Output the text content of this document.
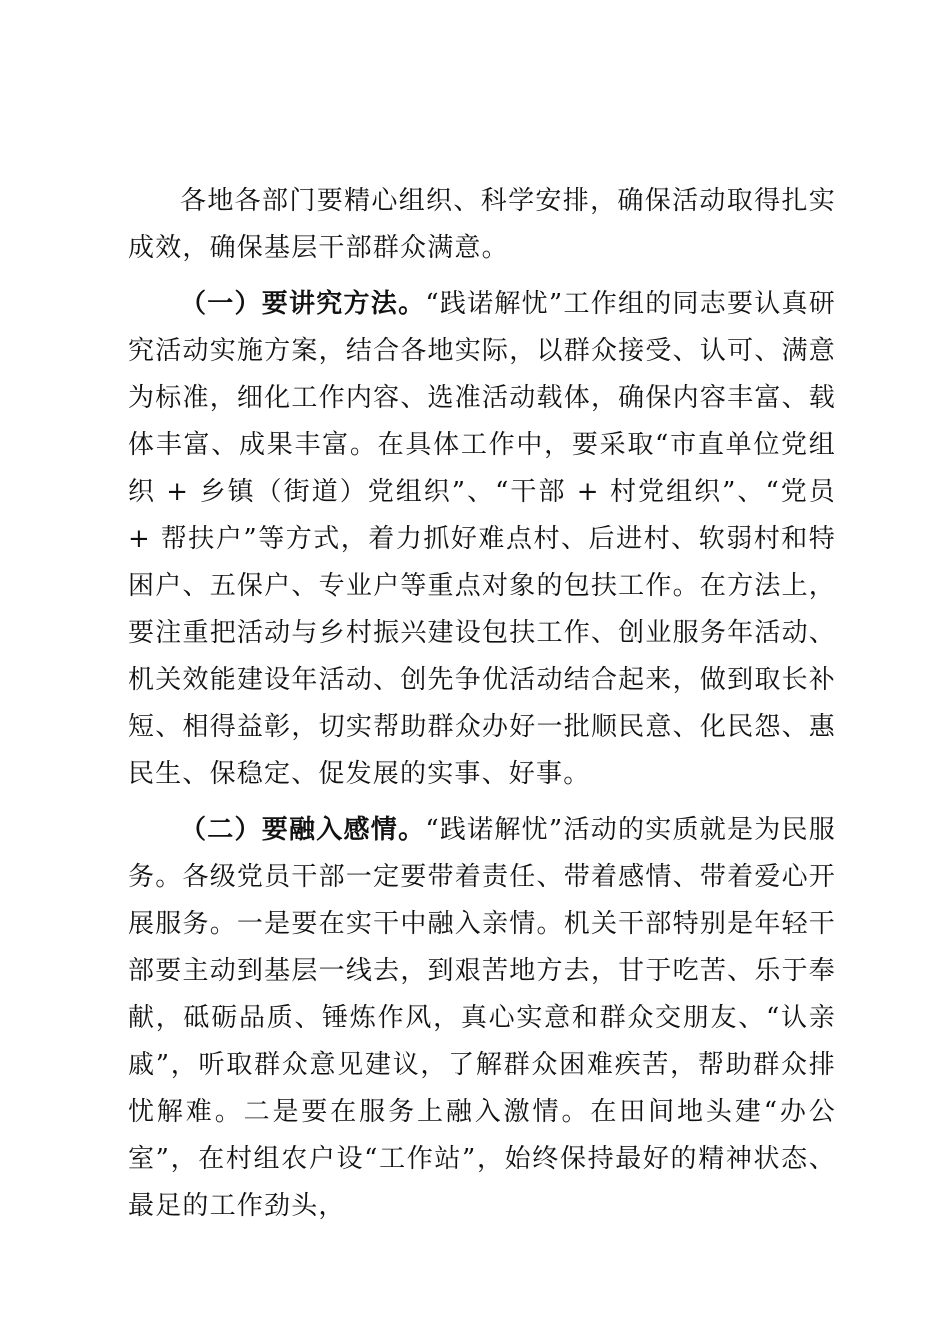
各地各部门要精心组织、科学安排，确保活动取得扎实成效，确保基层干部群众满意。

（一）要讲究方法。“践诺解忧”工作组的同志要认真研究活动实施方案，结合各地实际，以群众接受、认可、满意为标准，细化工作内容、选准活动载体，确保内容丰富、载体丰富、成果丰富。在具体工作中，要采取“市直单位党组织 + 乡镇（街道）党组织”、“干部 + 村党组织”、“党员 + 帮扶户”等方式，着力抓好难点村、后进村、软弱村和特困户、五保户、专业户等重点对象的包扶工作。在方法上，要注重把活动与乡村振兴建设包扶工作、创业服务年活动、机关效能建设年活动、创先争优活动结合起来，做到取长补短、相得益彰，切实帮助群众办好一批顺民意、化民怨、惠民生、保稳定、促发展的实事、好事。

（二）要融入感情。“践诺解忧”活动的实质就是为民服务。各级党员干部一定要带着责任、带着感情、带着爱心开展服务。一是要在实干中融入亲情。机关干部特别是年轻干部要主动到基层一线去，到艰苦地方去，甘于吃苦、乐于奉献，砥砺品质、锤炼作风，真心实意和群众交朋友、“认亲戚”，听取群众意见建议，了解群众困难疾苦，帮助群众排忧解难。二是要在服务上融入激情。在田间地头建“办公室”，在村组农户设“工作站”，始终保持最好的精神状态、最足的工作劲头，
